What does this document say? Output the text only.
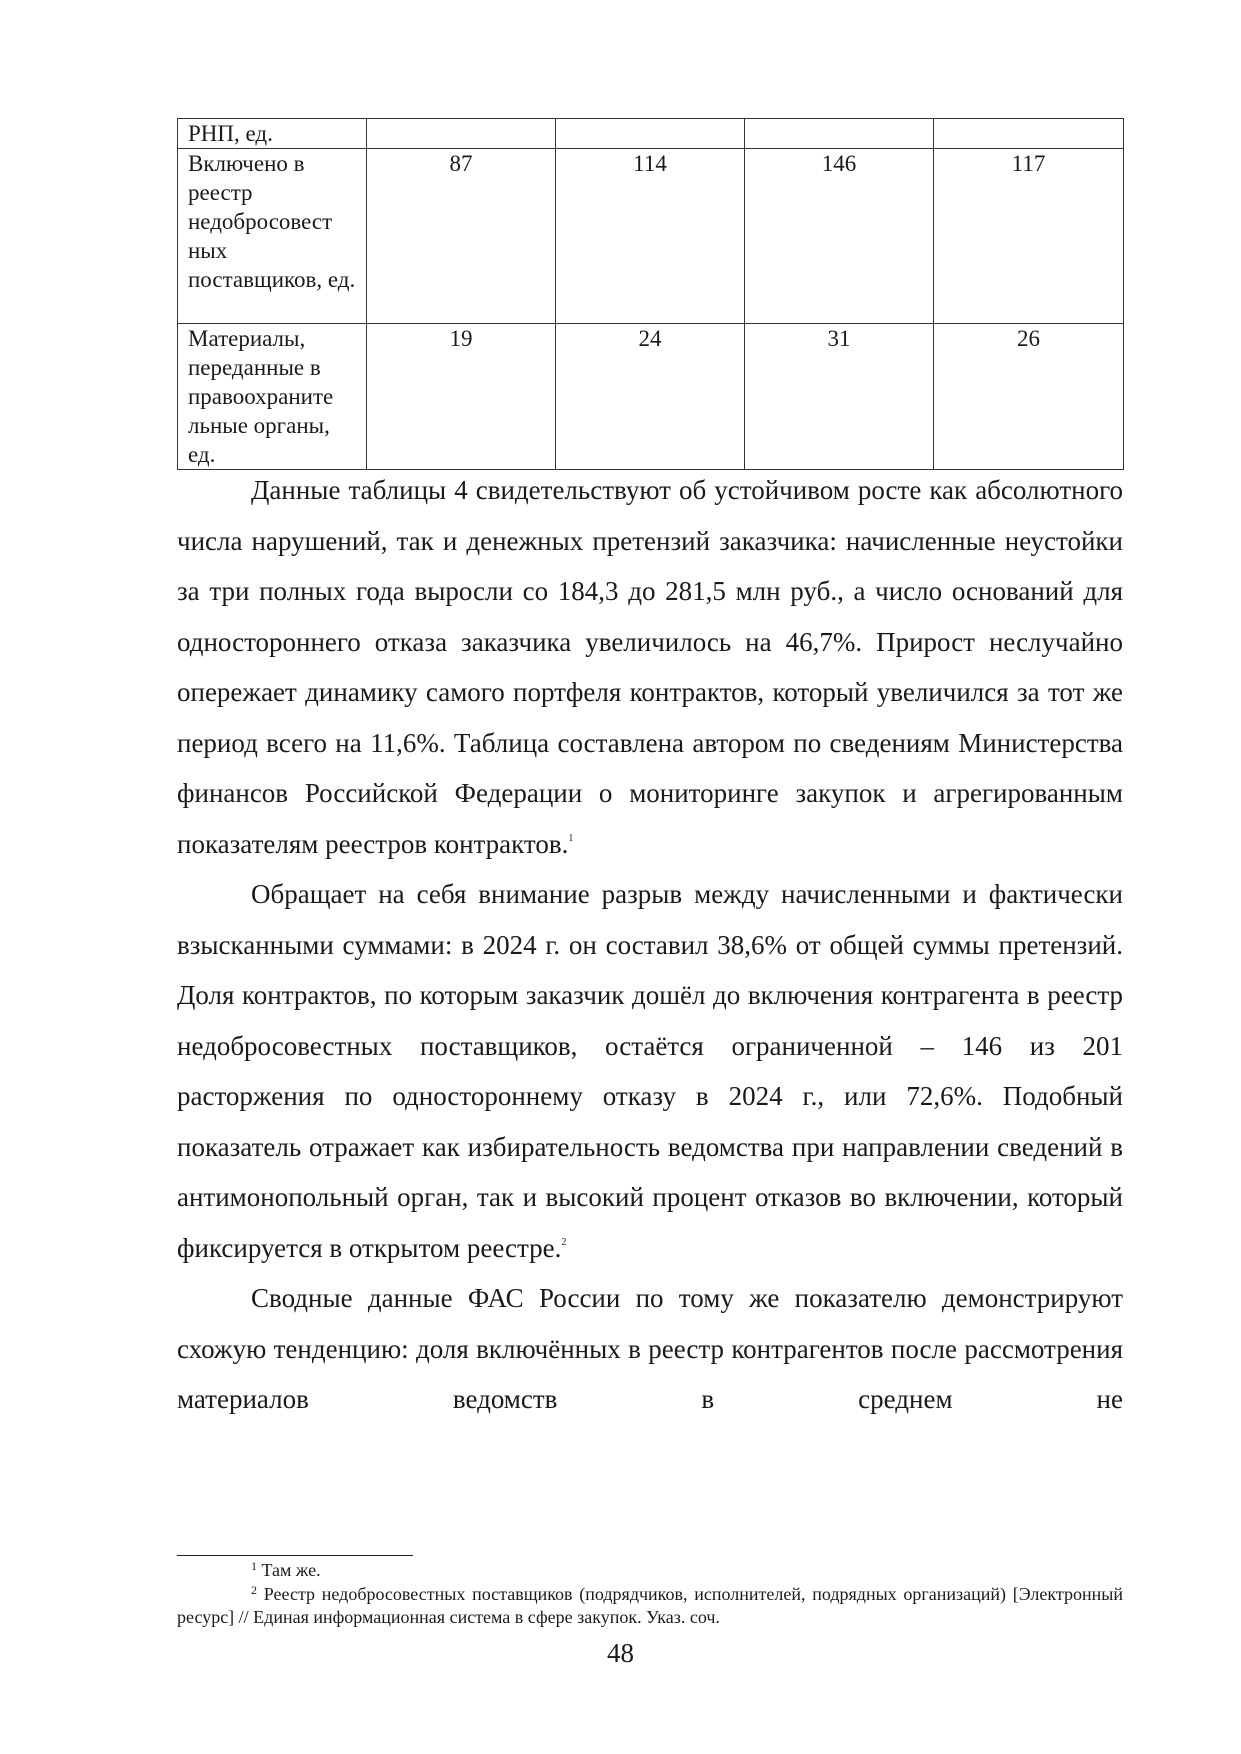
РНП, ед.				
Включено в реестр недобросовест ных поставщиков, ед.	87	114	146	117
Материалы, переданные в правоохраните льные органы, ед.	19	24	31	26

Данные таблицы 4 свидетельствуют об устойчивом росте как абсолютного числа нарушений, так и денежных претензий заказчика: начисленные неустойки за три полных года выросли со 184,3 до 281,5 млн руб., а число оснований для одностороннего отказа заказчика увеличилось на 46,7%. Прирост неслучайно опережает динамику самого портфеля контрактов, который увеличился за тот же период всего на 11,6%. Таблица составлена автором по сведениям Министерства финансов Российской Федерации о мониторинге закупок и агрегированным показателям реестров контрактов.$^1$

Обращает на себя внимание разрыв между начисленными и фактически взысканными суммами: в 2024 г. он составил 38,6% от общей суммы претензий. Доля контрактов, по которым заказчик дошёл до включения контрагента в реестр недобросовестных поставщиков, остаётся ограниченной – 146 из 201 расторжения по одностороннему отказу в 2024 г., или 72,6%. Подобный показатель отражает как избирательность ведомства при направлении сведений в антимонопольный орган, так и высокий процент отказов во включении, который фиксируется в открытом реестре.$^2$

Сводные данные ФАС России по тому же показателю демонстрируют схожую тенденцию: доля включённых в реестр контрагентов после рассмотрения материалов ведомств в среднем не

$^1$ Там же.

$^2$ Реестр недобросовестных поставщиков (подрядчиков, исполнителей, подрядных организаций) [Электронный ресурс] // Единая информационная система в сфере закупок. Указ. соч.

48
